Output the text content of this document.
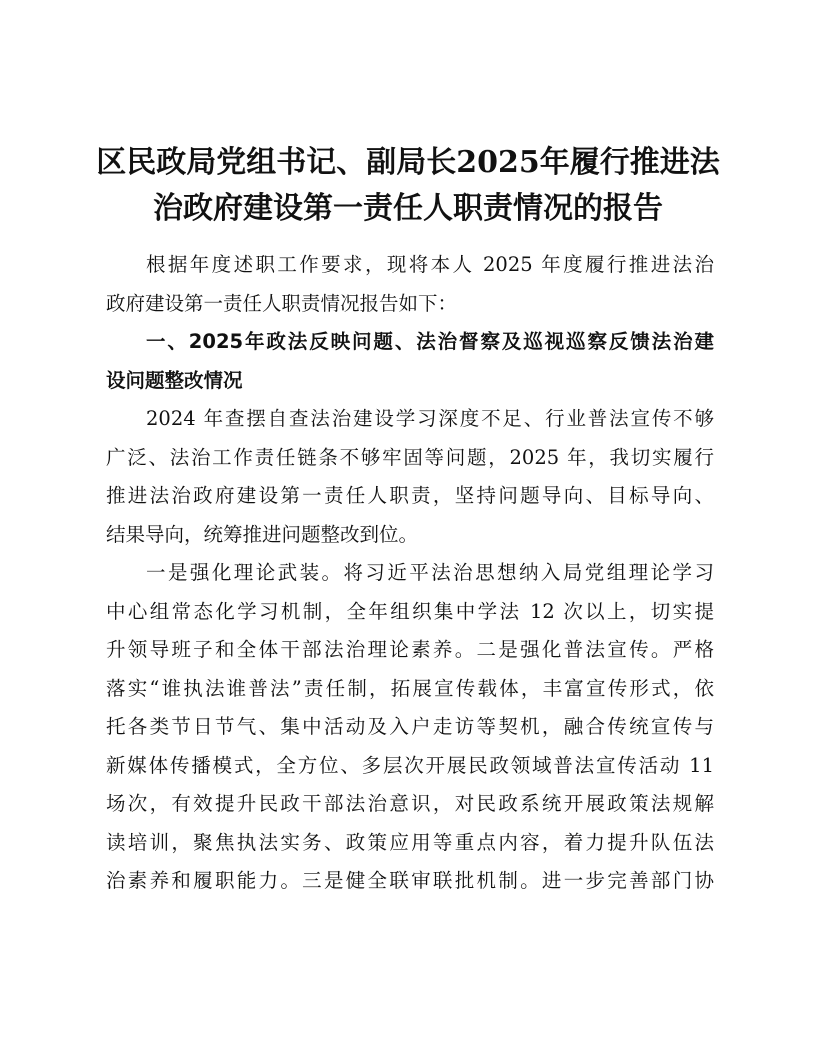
区民政局党组书记、副局长2025年履行推进法
治政府建设第一责任人职责情况的报告
根据年度述职工作要求，现将本人 2025 年度履行推进法治
政府建设第一责任人职责情况报告如下：
一、2025年政法反映问题、法治督察及巡视巡察反馈法治建
设问题整改情况
2024 年查摆自查法治建设学习深度不足、行业普法宣传不够
广泛、法治工作责任链条不够牢固等问题，2025 年，我切实履行
推进法治政府建设第一责任人职责，坚持问题导向、目标导向、
结果导向，统筹推进问题整改到位。
一是强化理论武装。将习近平法治思想纳入局党组理论学习
中心组常态化学习机制，全年组织集中学法 12 次以上，切实提
升领导班子和全体干部法治理论素养。二是强化普法宣传。严格
落实“谁执法谁普法”责任制，拓展宣传载体，丰富宣传形式，依
托各类节日节气、集中活动及入户走访等契机，融合传统宣传与
新媒体传播模式，全方位、多层次开展民政领域普法宣传活动 11
场次，有效提升民政干部法治意识，对民政系统开展政策法规解
读培训，聚焦执法实务、政策应用等重点内容，着力提升队伍法
治素养和履职能力。三是健全联审联批机制。进一步完善部门协
